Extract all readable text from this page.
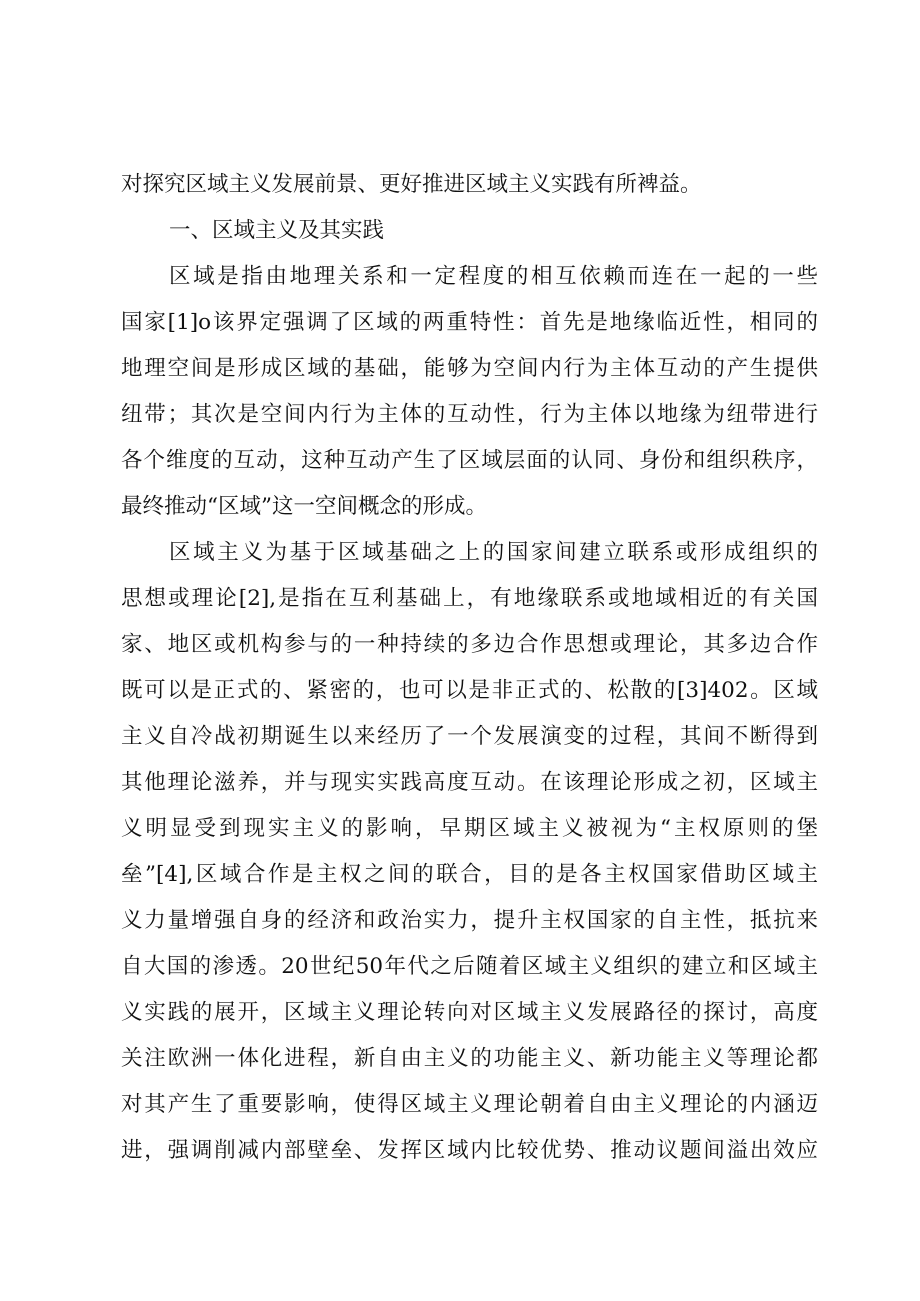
对探究区域主义发展前景、更好推进区域主义实践有所裨益。
一、区域主义及其实践
区域是指由地理关系和一定程度的相互依赖而连在一起的一些
国家[1]o该界定强调了区域的两重特性：首先是地缘临近性，相同的
地理空间是形成区域的基础，能够为空间内行为主体互动的产生提供
纽带；其次是空间内行为主体的互动性，行为主体以地缘为纽带进行
各个维度的互动，这种互动产生了区域层面的认同、身份和组织秩序，
最终推动“区域”这一空间概念的形成。
区域主义为基于区域基础之上的国家间建立联系或形成组织的
思想或理论[2],是指在互利基础上，有地缘联系或地域相近的有关国
家、地区或机构参与的一种持续的多边合作思想或理论，其多边合作
既可以是正式的、紧密的，也可以是非正式的、松散的[3]402。区域
主义自冷战初期诞生以来经历了一个发展演变的过程，其间不断得到
其他理论滋养，并与现实实践高度互动。在该理论形成之初，区域主
义明显受到现实主义的影响，早期区域主义被视为“主权原则的堡
垒”[4],区域合作是主权之间的联合，目的是各主权国家借助区域主
义力量增强自身的经济和政治实力，提升主权国家的自主性，抵抗来
自大国的渗透。20世纪50年代之后随着区域主义组织的建立和区域主
义实践的展开，区域主义理论转向对区域主义发展路径的探讨，高度
关注欧洲一体化进程，新自由主义的功能主义、新功能主义等理论都
对其产生了重要影响，使得区域主义理论朝着自由主义理论的内涵迈
进，强调削减内部壁垒、发挥区域内比较优势、推动议题间溢出效应
